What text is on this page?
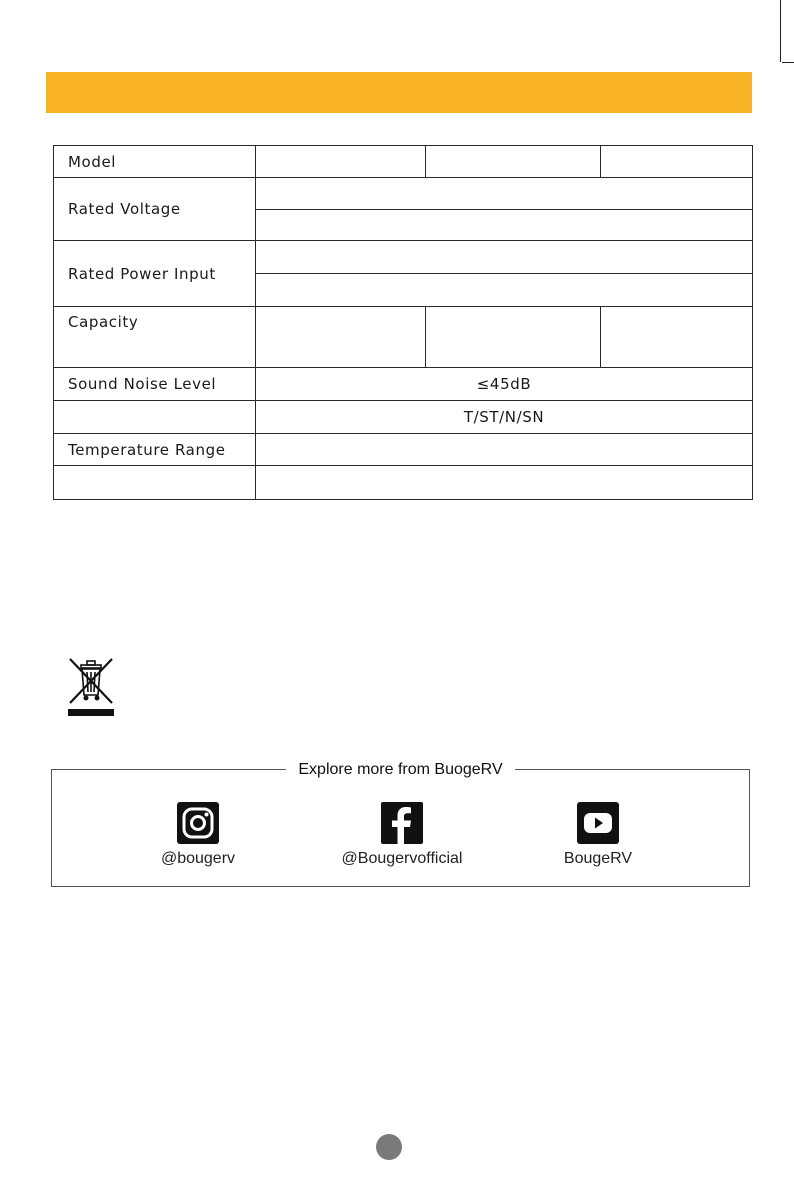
Model			
Rated Voltage			

Rated Power Input			

Capacity			
Sound Noise Level	≤45dB		
	T/ST/N/SN		
Temperature Range			

Explore more from BuogeRV
@bougerv	@Bougervofficial	BougeRV
